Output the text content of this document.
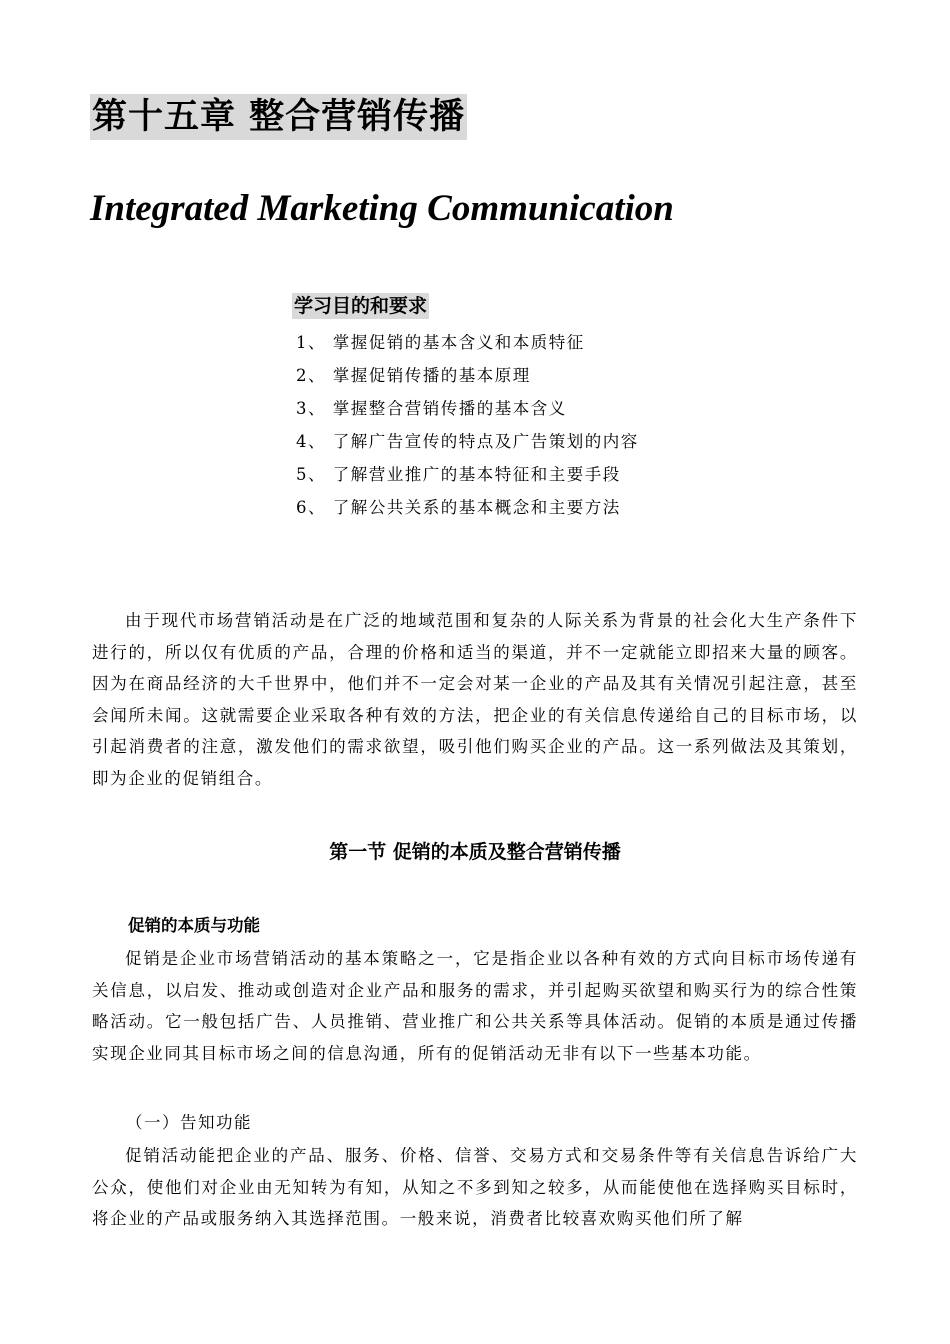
第十五章 整合营销传播
Integrated Marketing Communication
学习目的和要求
1、 掌握促销的基本含义和本质特征
2、 掌握促销传播的基本原理
3、 掌握整合营销传播的基本含义
4、 了解广告宣传的特点及广告策划的内容
5、 了解营业推广的基本特征和主要手段
6、 了解公共关系的基本概念和主要方法

由于现代市场营销活动是在广泛的地域范围和复杂的人际关系为背景的社会化大生产条件下进行的，所以仅有优质的产品，合理的价格和适当的渠道，并不一定就能立即招来大量的顾客。因为在商品经济的大千世界中，他们并不一定会对某一企业的产品及其有关情况引起注意，甚至会闻所未闻。这就需要企业采取各种有效的方法，把企业的有关信息传递给自己的目标市场，以引起消费者的注意，激发他们的需求欲望，吸引他们购买企业的产品。这一系列做法及其策划，即为企业的促销组合。

第一节 促销的本质及整合营销传播
促销的本质与功能

促销是企业市场营销活动的基本策略之一，它是指企业以各种有效的方式向目标市场传递有关信息，以启发、推动或创造对企业产品和服务的需求，并引起购买欲望和购买行为的综合性策略活动。它一般包括广告、人员推销、营业推广和公共关系等具体活动。促销的本质是通过传播实现企业同其目标市场之间的信息沟通，所有的促销活动无非有以下一些基本功能。

（一）告知功能

促销活动能把企业的产品、服务、价格、信誉、交易方式和交易条件等有关信息告诉给广大公众，使他们对企业由无知转为有知，从知之不多到知之较多，从而能使他在选择购买目标时，将企业的产品或服务纳入其选择范围。一般来说，消费者比较喜欢购买他们所了解
